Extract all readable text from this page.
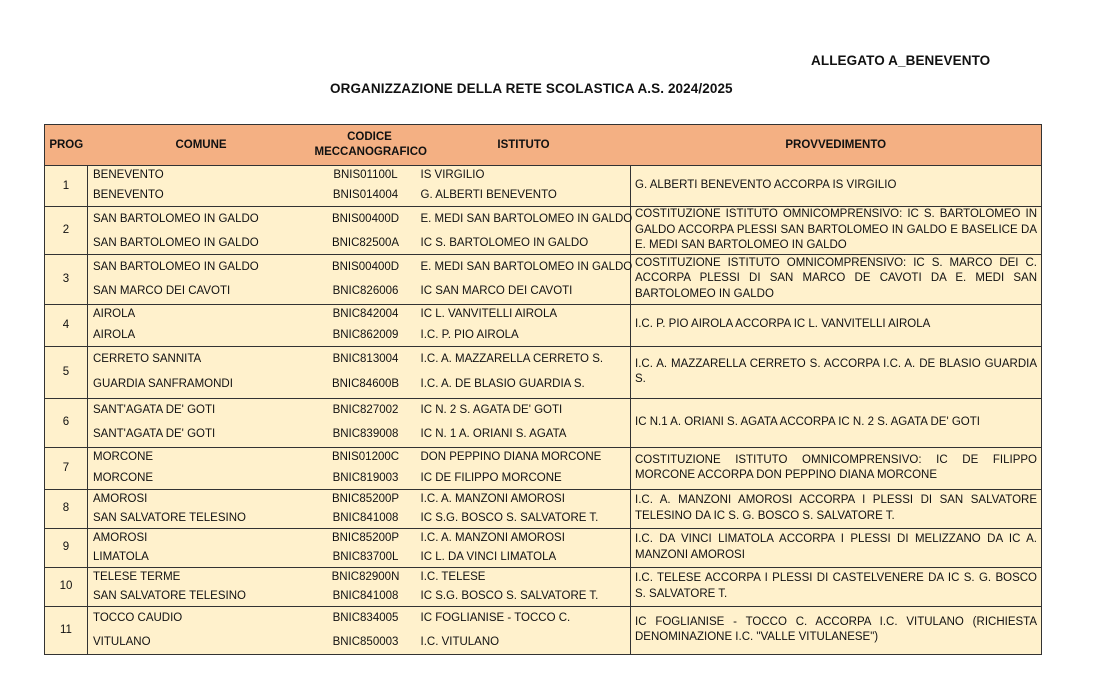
ALLEGATO A_BENEVENTO
ORGANIZZAZIONE DELLA RETE SCOLASTICA A.S. 2024/2025
PROG	COMUNE	CODICE MECCANOGRAFICO	ISTITUTO	PROVVEDIMENTO
1	BENEVENTO	BNIS01100L	IS VIRGILIO	G. ALBERTI BENEVENTO ACCORPA IS VIRGILIO
	BENEVENTO	BNIS014004	G. ALBERTI BENEVENTO	
2	SAN BARTOLOMEO IN GALDO	BNIS00400D	E. MEDI SAN BARTOLOMEO IN GALDO	COSTITUZIONE ISTITUTO OMNICOMPRENSIVO: IC S. BARTOLOMEO IN GALDO ACCORPA PLESSI SAN BARTOLOMEO IN GALDO E BASELICE DA E. MEDI SAN BARTOLOMEO IN GALDO
	SAN BARTOLOMEO IN GALDO	BNIC82500A	IC S. BARTOLOMEO IN GALDO	
3	SAN BARTOLOMEO IN GALDO	BNIS00400D	E. MEDI SAN BARTOLOMEO IN GALDO	COSTITUZIONE ISTITUTO OMNICOMPRENSIVO: IC S. MARCO DEI C. ACCORPA PLESSI DI SAN MARCO DE CAVOTI DA E. MEDI SAN BARTOLOMEO IN GALDO
	SAN MARCO DEI CAVOTI	BNIC826006	IC SAN MARCO DEI CAVOTI	
4	AIROLA	BNIC842004	IC L. VANVITELLI AIROLA	I.C. P. PIO AIROLA ACCORPA IC L. VANVITELLI AIROLA
	AIROLA	BNIC862009	I.C. P. PIO AIROLA	
5	CERRETO SANNITA	BNIC813004	I.C. A. MAZZARELLA CERRETO S.	I.C. A. MAZZARELLA CERRETO S. ACCORPA I.C. A. DE BLASIO GUARDIA S.
	GUARDIA SANFRAMONDI	BNIC84600B	I.C. A. DE BLASIO GUARDIA S.	
6	SANT'AGATA DE' GOTI	BNIC827002	IC N. 2 S. AGATA DE' GOTI	IC N.1 A. ORIANI S. AGATA ACCORPA IC N. 2 S. AGATA DE' GOTI
	SANT'AGATA DE' GOTI	BNIC839008	IC N. 1 A. ORIANI S. AGATA	
7	MORCONE	BNIS01200C	DON PEPPINO DIANA MORCONE	COSTITUZIONE ISTITUTO OMNICOMPRENSIVO: IC DE FILIPPO MORCONE ACCORPA DON PEPPINO DIANA MORCONE
	MORCONE	BNIC819003	IC DE FILIPPO MORCONE	
8	AMOROSI	BNIC85200P	I.C. A. MANZONI AMOROSI	I.C. A. MANZONI AMOROSI ACCORPA I PLESSI DI SAN SALVATORE TELESINO DA IC S. G. BOSCO S. SALVATORE T.
	SAN SALVATORE TELESINO	BNIC841008	IC S.G. BOSCO S. SALVATORE T.	
9	AMOROSI	BNIC85200P	I.C. A. MANZONI AMOROSI	I.C. DA VINCI LIMATOLA ACCORPA I PLESSI DI MELIZZANO DA IC A. MANZONI AMOROSI
	LIMATOLA	BNIC83700L	IC L. DA VINCI LIMATOLA	
10	TELESE TERME	BNIC82900N	I.C. TELESE	I.C. TELESE ACCORPA I PLESSI DI CASTELVENERE DA IC S. G. BOSCO S. SALVATORE T.
	SAN SALVATORE TELESINO	BNIC841008	IC S.G. BOSCO S. SALVATORE T.	
11	TOCCO CAUDIO	BNIC834005	IC FOGLIANISE - TOCCO C.	IC FOGLIANISE - TOCCO C. ACCORPA I.C. VITULANO (RICHIESTA DENOMINAZIONE I.C. "VALLE VITULANESE")
	VITULANO	BNIC850003	I.C. VITULANO	
